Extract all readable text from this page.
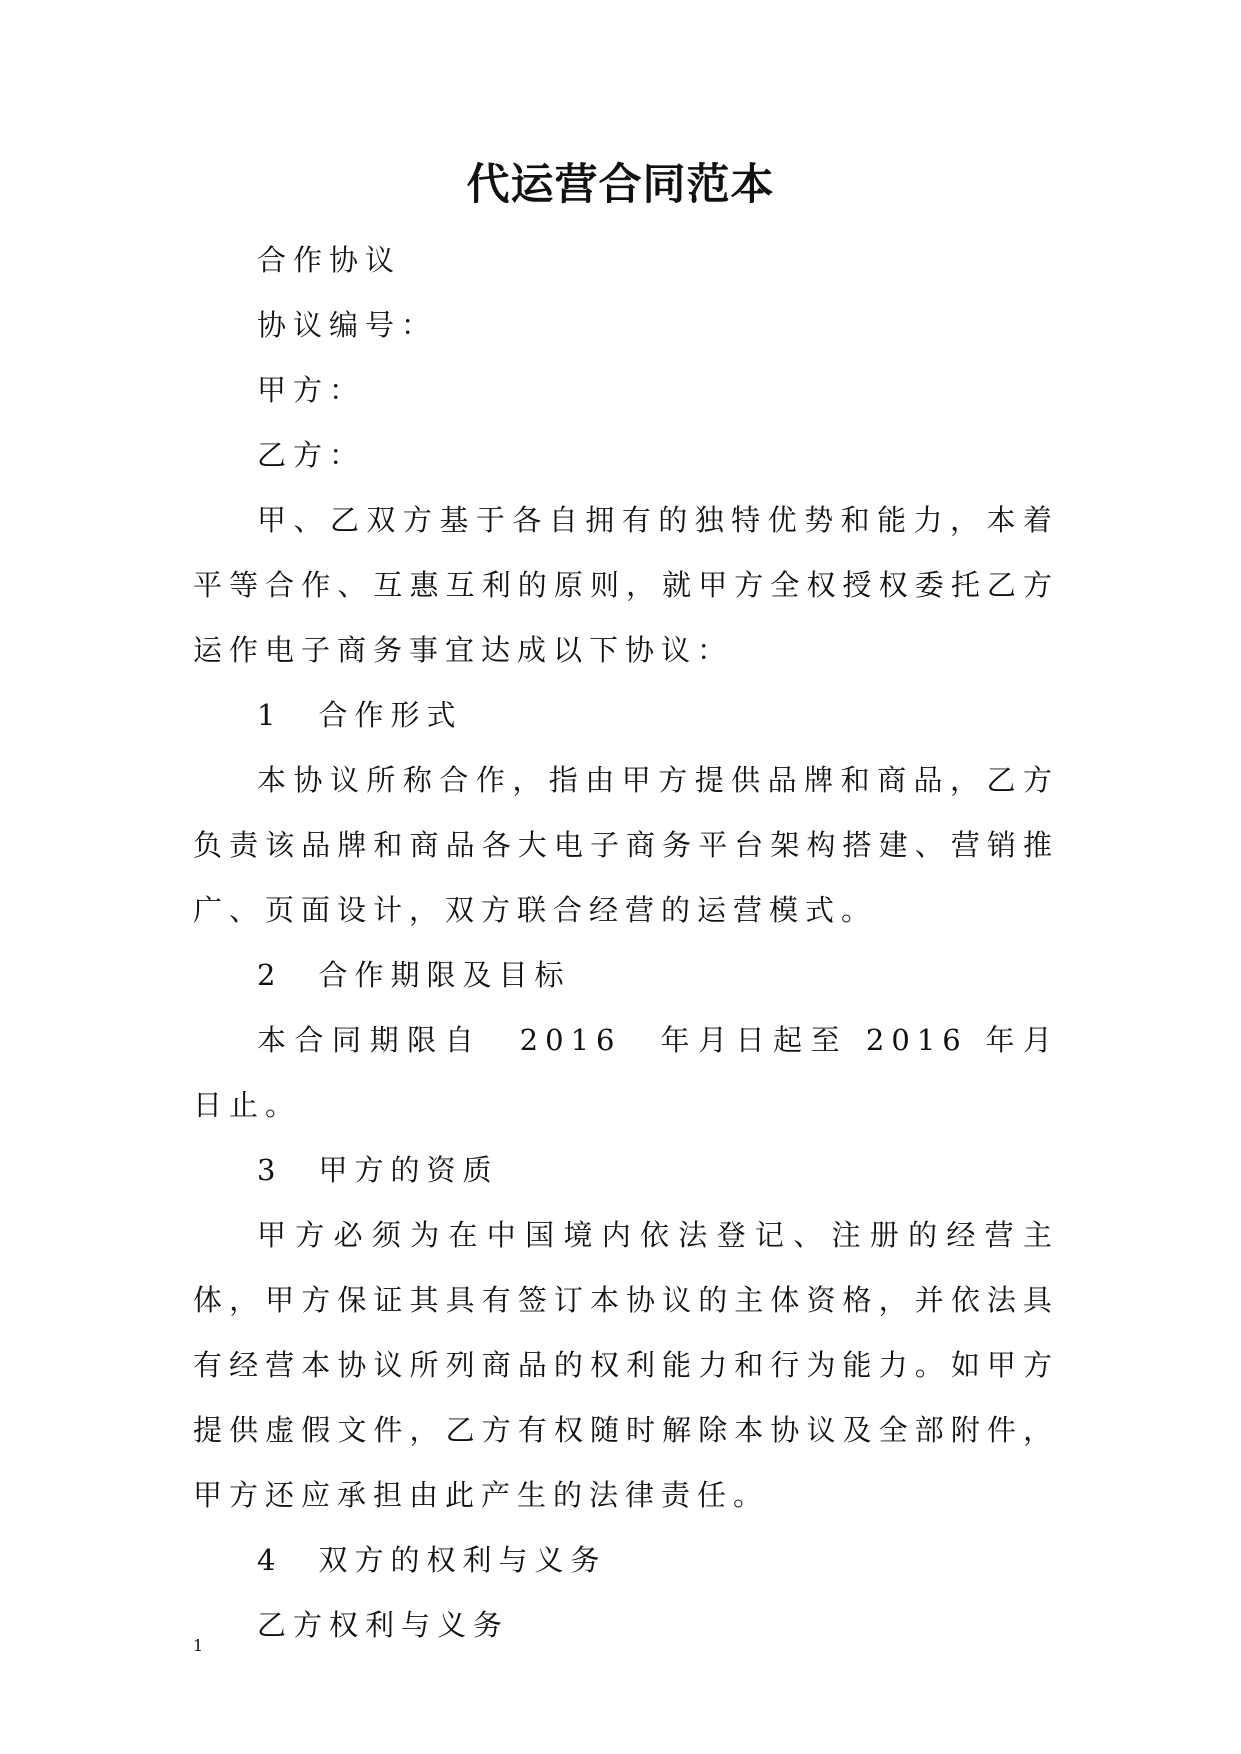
代运营合同范本

合作协议

协议编号：

甲方：

乙方：

甲、乙双方基于各自拥有的独特优势和能力，本着平等合作、互惠互利的原则，就甲方全权授权委托乙方运作电子商务事宜达成以下协议：

1　合作形式

本协议所称合作，指由甲方提供品牌和商品，乙方负责该品牌和商品各大电子商务平台架构搭建、营销推广、页面设计，双方联合经营的运营模式。

2　合作期限及目标

本合同期限自　2016　年月日起至 2016 年月日止。

3　甲方的资质

甲方必须为在中国境内依法登记、注册的经营主体，甲方保证其具有签订本协议的主体资格，并依法具有经营本协议所列商品的权利能力和行为能力。如甲方提供虚假文件，乙方有权随时解除本协议及全部附件，甲方还应承担由此产生的法律责任。

4　双方的权利与义务

乙方权利与义务

1
